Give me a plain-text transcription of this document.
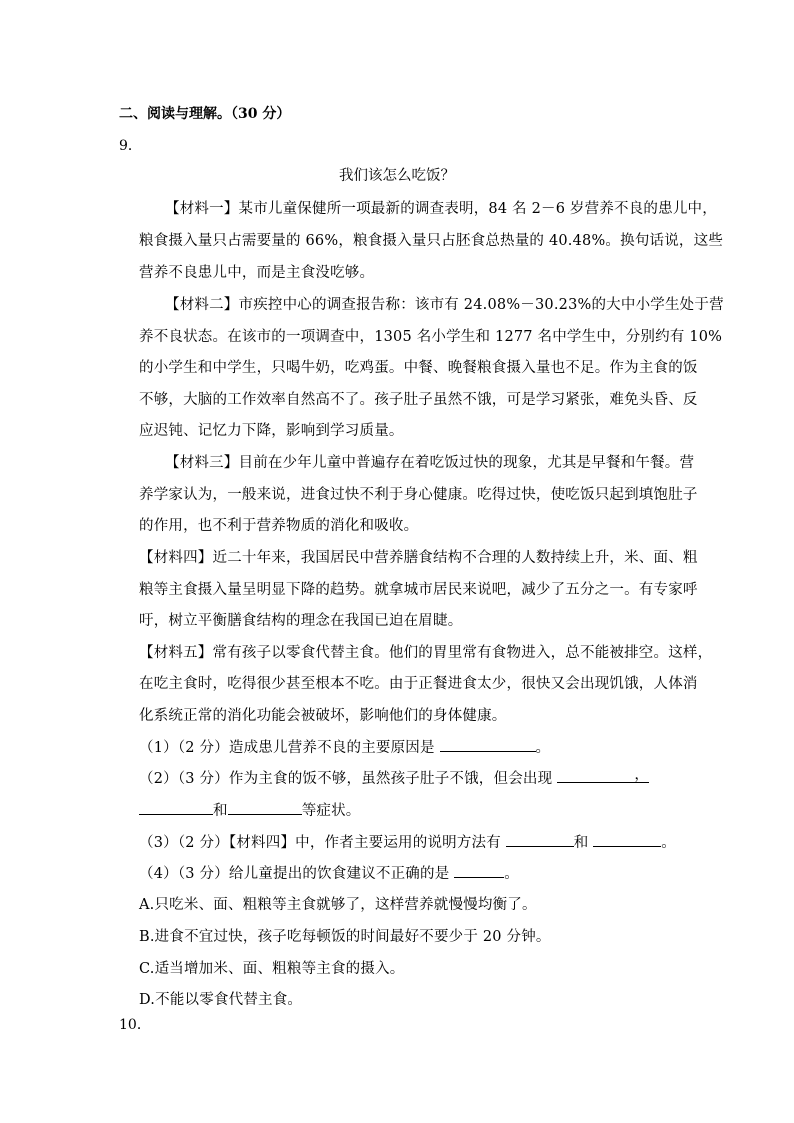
二、阅读与理解。（30 分）
9．
我们该怎么吃饭？
【材料一】某市儿童保健所一项最新的调查表明，84 名 2－6 岁营养不良的患儿中，
粮食摄入量只占需要量的 66%，粮食摄入量只占胚食总热量的 40.48%。换句话说，这些
营养不良患儿中，而是主食没吃够。
【材料二】市疾控中心的调查报告称：该市有 24.08%－30.23%的大中小学生处于营
养不良状态。在该市的一项调查中，1305 名小学生和 1277 名中学生中，分别约有 10%
的小学生和中学生，只喝牛奶，吃鸡蛋。中餐、晚餐粮食摄入量也不足。作为主食的饭
不够，大脑的工作效率自然高不了。孩子肚子虽然不饿，可是学习紧张，难免头昏、反
应迟钝、记忆力下降，影响到学习质量。
【材料三】目前在少年儿童中普遍存在着吃饭过快的现象，尤其是早餐和午餐。营
养学家认为，一般来说，进食过快不利于身心健康。吃得过快，使吃饭只起到填饱肚子
的作用，也不利于营养物质的消化和吸收。
【材料四】近二十年来，我国居民中营养膳食结构不合理的人数持续上升，米、面、粗
粮等主食摄入量呈明显下降的趋势。就拿城市居民来说吧，减少了五分之一。有专家呼
吁，树立平衡膳食结构的理念在我国已迫在眉睫。
【材料五】常有孩子以零食代替主食。他们的胃里常有食物进入，总不能被排空。这样，
在吃主食时，吃得很少甚至根本不吃。由于正餐进食太少，很快又会出现饥饿，人体消
化系统正常的消化功能会被破坏，影响他们的身体健康。
（1）（2 分）造成患儿营养不良的主要原因是	。
（2）（3 分）作为主食的饭不够，虽然孩子肚子不饿，但会出现	，
和	等症状。
（3）（2 分）【材料四】中，作者主要运用的说明方法有	和	。
（4）（3 分）给儿童提出的饮食建议不正确的是	。
A.只吃米、面、粗粮等主食就够了，这样营养就慢慢均衡了。
B.进食不宜过快，孩子吃每顿饭的时间最好不要少于 20 分钟。
C.适当增加米、面、粗粮等主食的摄入。
D.不能以零食代替主食。
10．
